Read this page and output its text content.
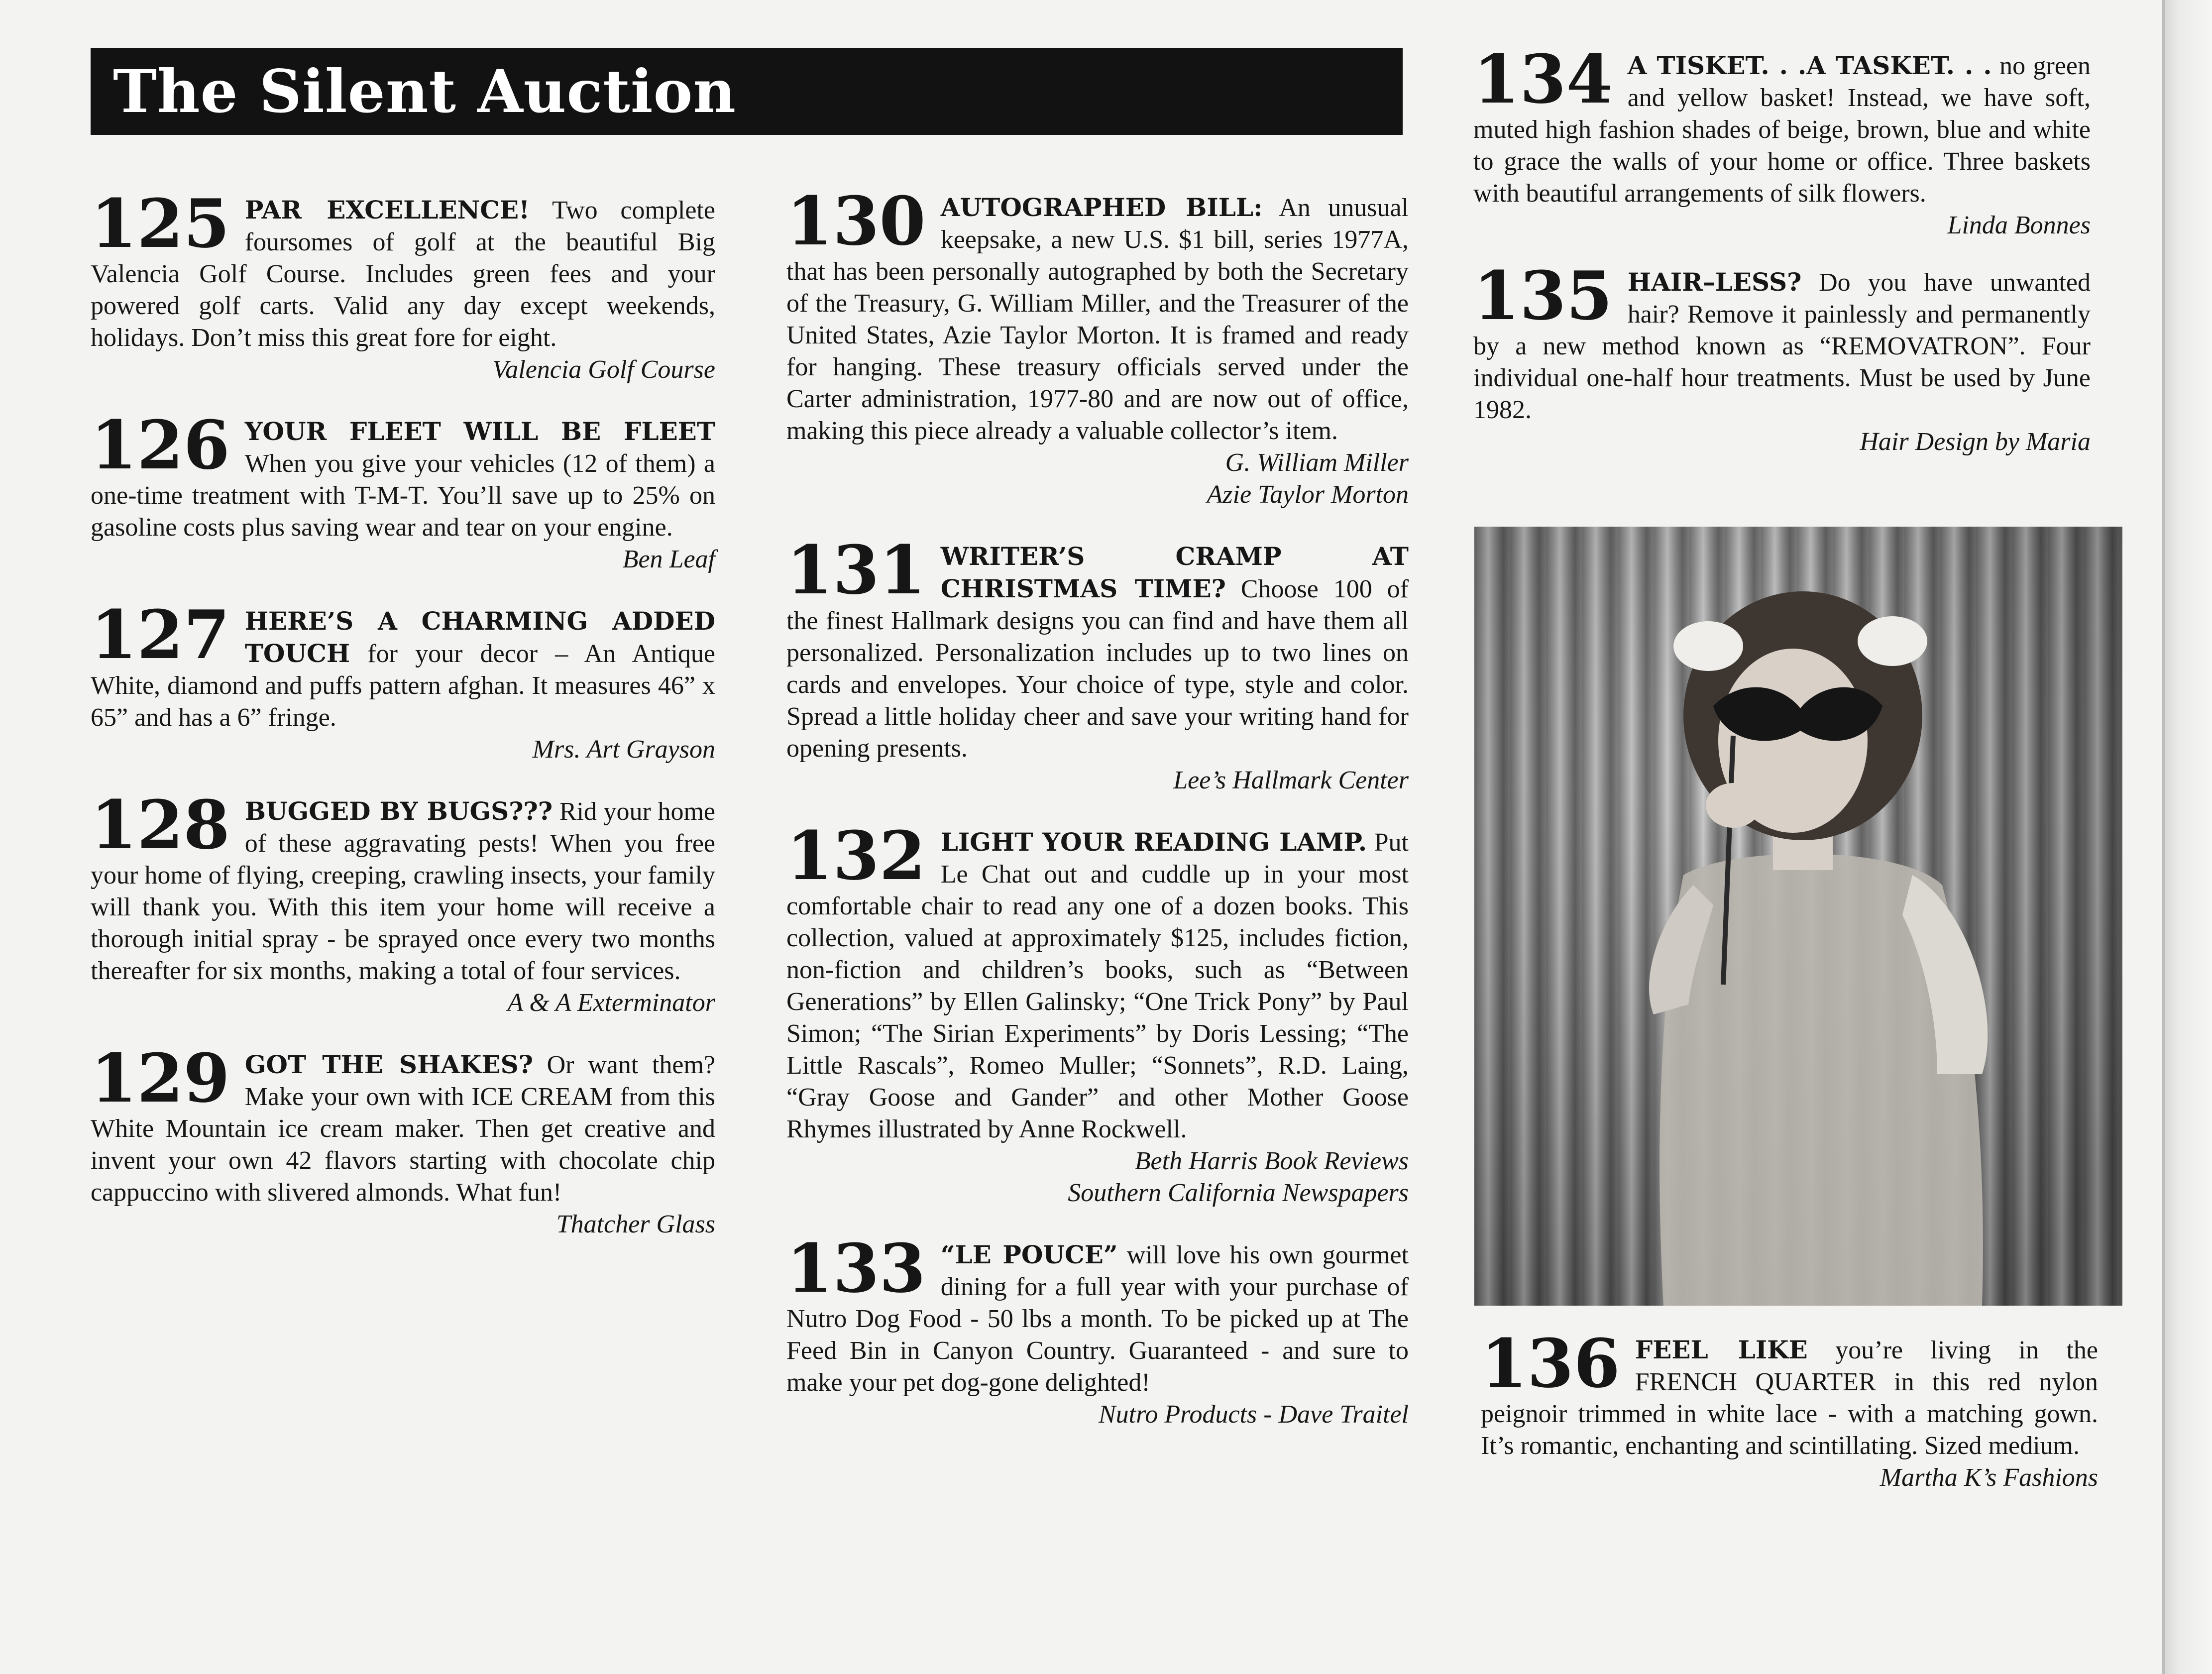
The Silent Auction

125 PAR EXCELLENCE! Two complete foursomes of golf at the beautiful Big Valencia Golf Course. Includes green fees and your powered golf carts. Valid any day except weekends, holidays. Don’t miss this great fore for eight.

Valencia Golf Course

126 YOUR FLEET WILL BE FLEET When you give your vehicles (12 of them) a one-time treatment with T-M-T. You’ll save up to 25% on gasoline costs plus saving wear and tear on your engine.

Ben Leaf

127 HERE’S A CHARMING ADDED TOUCH for your decor – An Antique White, diamond and puffs pattern afghan. It measures 46” x 65” and has a 6” fringe.

Mrs. Art Grayson

128 BUGGED BY BUGS??? Rid your home of these aggravating pests! When you free your home of flying, creeping, crawling insects, your family will thank you. With this item your home will receive a thorough initial spray - be sprayed once every two months thereafter for six months, making a total of four services.

A & A Exterminator

129 GOT THE SHAKES? Or want them? Make your own with ICE CREAM from this White Mountain ice cream maker. Then get creative and invent your own 42 flavors starting with chocolate chip cappuccino with slivered almonds. What fun!

Thatcher Glass

130 AUTOGRAPHED BILL: An unusual keepsake, a new U.S. $1 bill, series 1977A, that has been personally autographed by both the Secretary of the Treasury, G. William Miller, and the Treasurer of the United States, Azie Taylor Morton. It is framed and ready for hanging. These treasury officials served under the Carter administration, 1977-80 and are now out of office, making this piece already a valuable collector’s item.

G. William Miller

Azie Taylor Morton

131 WRITER’S CRAMP AT CHRISTMAS TIME? Choose 100 of the finest Hallmark designs you can find and have them all personalized. Personalization includes up to two lines on cards and envelopes. Your choice of type, style and color. Spread a little holiday cheer and save your writing hand for opening presents.

Lee’s Hallmark Center

132 LIGHT YOUR READING LAMP. Put Le Chat out and cuddle up in your most comfortable chair to read any one of a dozen books. This collection, valued at approximately $125, includes fiction, non-fiction and children’s books, such as “Between Generations” by Ellen Galinsky; “One Trick Pony” by Paul Simon; “The Sirian Experiments” by Doris Lessing; “The Little Rascals”, Romeo Muller; “Sonnets”, R.D. Laing, “Gray Goose and Gander” and other Mother Goose Rhymes illustrated by Anne Rockwell.

Beth Harris Book Reviews

Southern California Newspapers

133 “LE POUCE” will love his own gourmet dining for a full year with your purchase of Nutro Dog Food - 50 lbs a month. To be picked up at The Feed Bin in Canyon Country. Guaranteed - and sure to make your pet dog-gone delighted!

Nutro Products - Dave Traitel

134 A TISKET. . .A TASKET. . . no green and yellow basket! Instead, we have soft, muted high fashion shades of beige, brown, blue and white to grace the walls of your home or office. Three baskets with beautiful arrangements of silk flowers.

Linda Bonnes

135 HAIR–LESS? Do you have unwanted hair? Remove it painlessly and permanently by a new method known as “REMOVATRON”. Four individual one-half hour treatments. Must be used by June 1982.

Hair Design by Maria

136 FEEL LIKE you’re living in the FRENCH QUARTER in this red nylon peignoir trimmed in white lace - with a matching gown. It’s romantic, enchanting and scintillating. Sized medium.

Martha K’s Fashions
